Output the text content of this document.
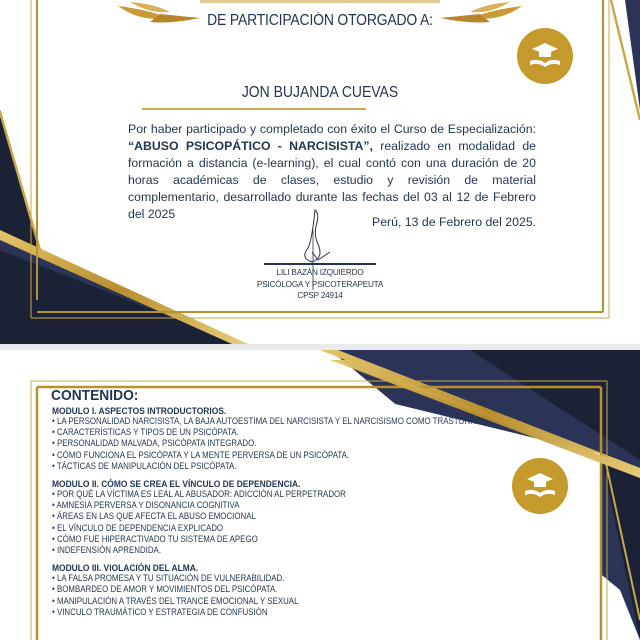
DE PARTICIPACIÓN OTORGADO A:
JON BUJANDA CUEVAS
Por haber participado y completado con éxito el Curso de Especialización: “ABUSO PSICOPÁTICO - NARCISISTA”, realizado en modalidad de formación a distancia (e-learning), el cual contó con una duración de 20 horas académicas de clases, estudio y revisión de material complementario, desarrollado durante las fechas del 03 al 12 de Febrero del 2025
Perú, 13 de Febrero del 2025.
LILI BAZÁN IZQUIERDO
PSICÓLOGA Y PSICOTERAPEUTA
CPSP 24914
CONTENIDO:
MODULO I. ASPECTOS INTRODUCTORIOS.
• LA PERSONALIDAD NARCISISTA, LA BAJA AUTOESTIMA DEL NARCISISTA Y EL NARCISISMO COMO TRASTORNO.
• CARACTERÍSTICAS Y TIPOS DE UN PSICÓPATA.
• PERSONALIDAD MALVADA, PSICÓPATA INTEGRADO.
• CÓMO FUNCIONA EL PSICÓPATA Y LA MENTE PERVERSA DE UN PSICÓPATA.
• TÁCTICAS DE MANIPULACIÓN DEL PSICÓPATA.
MODULO II. CÓMO SE CREA EL VÍNCULO DE DEPENDENCIA.
• POR QUÉ LA VÍCTIMA ES LEAL AL ABUSADOR: ADICCIÓN AL PERPETRADOR
• AMNESIA PERVERSA Y DISONANCIA COGNITIVA
• ÁREAS EN LAS QUE AFECTA EL ABUSO EMOCIONAL
• EL VÍNCULO DE DEPENDENCIA EXPLICADO
• CÓMO FUE HIPERACTIVADO TU SISTEMA DE APEGO
• INDEFENSIÓN APRENDIDA.
MODULO III. VIOLACIÓN DEL ALMA.
• LA FALSA PROMESA Y TU SITUACIÓN DE VULNERABILIDAD.
• BOMBARDEO DE AMOR Y MOVIMIENTOS DEL PSICÓPATA.
• MANIPULACIÓN A TRAVÉS DEL TRANCE EMOCIONAL Y SEXUAL
• VINCULO TRAUMÁTICO Y ESTRATEGIA DE CONFUSIÓN
